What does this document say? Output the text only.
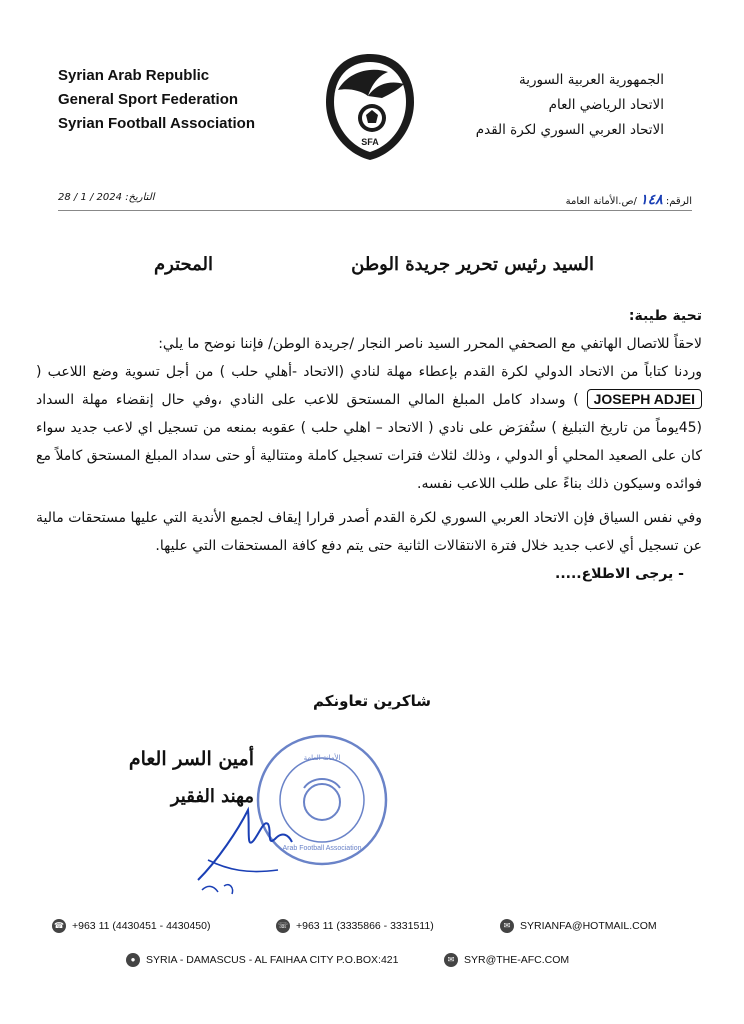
Syrian Arab Republic
General Sport Federation
Syrian Football Association
SFA
الجمهورية العربية السورية
الاتحاد الرياضي العام
الاتحاد العربي السوري لكرة القدم
التاريخ: 28 / 1 / 2024	الرقم: ١٤٨ /ص.الأمانة العامة
السيد رئيس تحرير جريدة الوطن
المحترم

تحية طيبة:

لاحقاً للاتصال الهاتفي مع الصحفي المحرر السيد ناصر النجار /جريدة الوطن/ فإننا نوضح ما يلي:

وردنا كتاباً من الاتحاد الدولي لكرة القدم بإعطاء مهلة لنادي (الاتحاد -أهلي حلب ) من أجل تسوية وضع اللاعب ( JOSEPH ADJEI ) وسداد كامل المبلغ المالي المستحق للاعب على النادي ،وفي حال إنقضاء مهلة السداد (45يوماً من تاريخ التبليغ ) ستُفرَض على نادي ( الاتحاد – اهلي حلب ) عقوبه بمنعه من تسجيل اي لاعب جديد سواء كان على الصعيد المحلي أو الدولي ، وذلك لثلاث فترات تسجيل كاملة ومتتالية أو حتى سداد المبلغ المستحق كاملاً مع فوائده وسيكون ذلك بناءً على طلب اللاعب نفسه.

وفي نفس السياق فإن الاتحاد العربي السوري لكرة القدم أصدر قرارا إيقاف لجميع الأندية التي عليها مستحقات مالية عن تسجيل أي لاعب جديد خلال فترة الانتقالات الثانية حتى يتم دفع كافة المستحقات التي عليها.

- يرجى الاطلاع.....

شاكرين تعاونكم
أمين السر العام
مهند الفقير
Arab Football Association
الأمانة العامة
☎ +963 11 (4430451 - 4430450)	☏ +963 11 (3335866 - 3331511)	✉ SYRIANFA@HOTMAIL.COM
●	SYRIA - DAMASCUS - AL FAIHAA CITY P.O.BOX:421	✉ SYR@THE-AFC.COM
